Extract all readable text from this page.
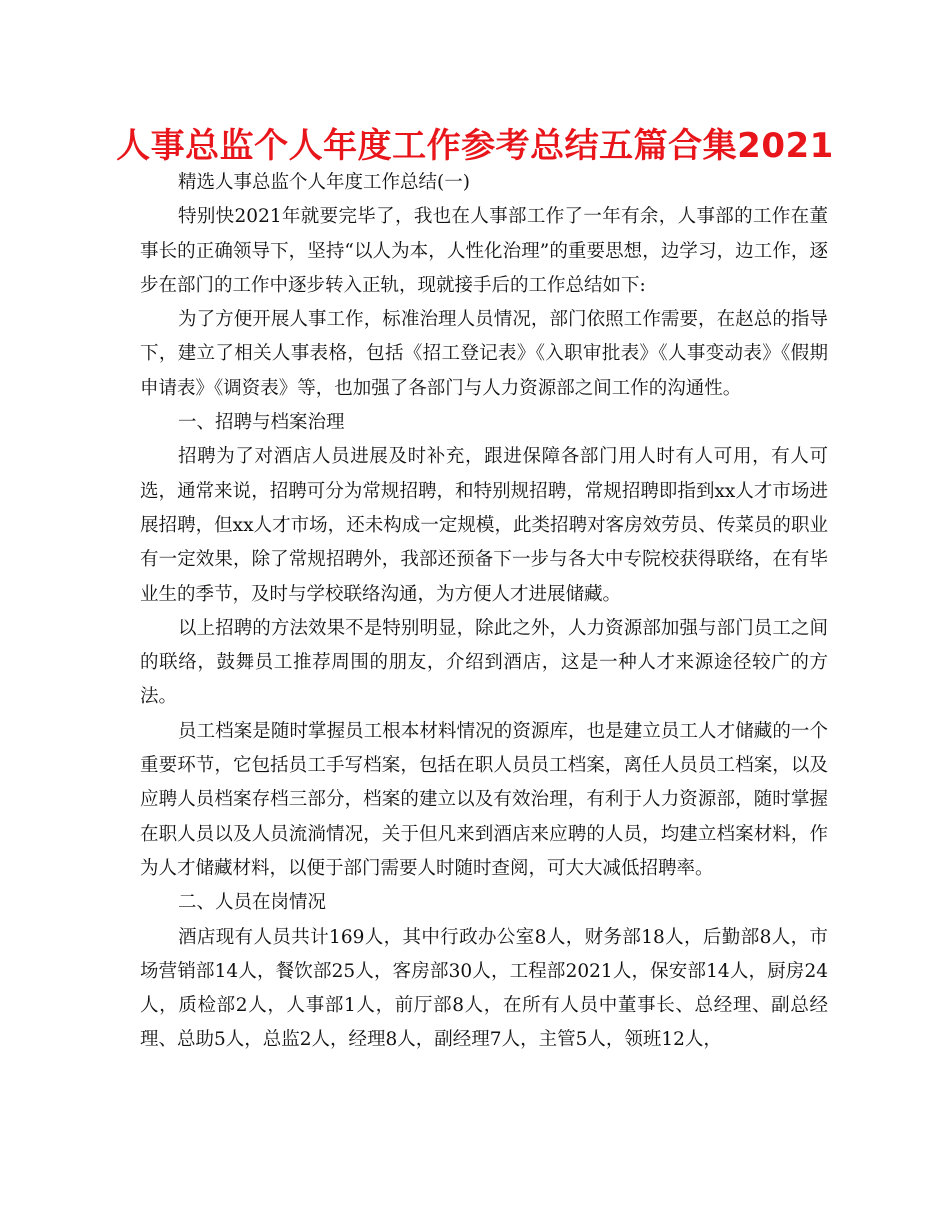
人事总监个人年度工作参考总结五篇合集2021

精选人事总监个人年度工作总结(一)

特别快2021年就要完毕了，我也在人事部工作了一年有余，人事部的工作在董事长的正确领导下，坚持“以人为本，人性化治理”的重要思想，边学习，边工作，逐步在部门的工作中逐步转入正轨，现就接手后的工作总结如下:

为了方便开展人事工作，标准治理人员情况，部门依照工作需要，在赵总的指导下，建立了相关人事表格，包括《招工登记表》《入职审批表》《人事变动表》《假期申请表》《调资表》等，也加强了各部门与人力资源部之间工作的沟通性。

一、招聘与档案治理

招聘为了对酒店人员进展及时补充，跟进保障各部门用人时有人可用，有人可选，通常来说，招聘可分为常规招聘，和特别规招聘，常规招聘即指到xx人才市场进展招聘，但xx人才市场，还未构成一定规模，此类招聘对客房效劳员、传菜员的职业有一定效果，除了常规招聘外，我部还预备下一步与各大中专院校获得联络，在有毕业生的季节，及时与学校联络沟通，为方便人才进展储藏。

以上招聘的方法效果不是特别明显，除此之外，人力资源部加强与部门员工之间的联络，鼓舞员工推荐周围的朋友，介绍到酒店，这是一种人才来源途径较广的方法。

员工档案是随时掌握员工根本材料情况的资源库，也是建立员工人才储藏的一个重要环节，它包括员工手写档案，包括在职人员员工档案，离任人员员工档案，以及应聘人员档案存档三部分，档案的建立以及有效治理，有利于人力资源部，随时掌握在职人员以及人员流淌情况，关于但凡来到酒店来应聘的人员，均建立档案材料，作为人才储藏材料，以便于部门需要人时随时查阅，可大大减低招聘率。

二、人员在岗情况

酒店现有人员共计169人，其中行政办公室8人，财务部18人，后勤部8人，市场营销部14人，餐饮部25人，客房部30人，工程部2021人，保安部14人，厨房24人，质检部2人，人事部1人，前厅部8人，在所有人员中董事长、总经理、副总经理、总助5人，总监2人，经理8人，副经理7人，主管5人，领班12人，
